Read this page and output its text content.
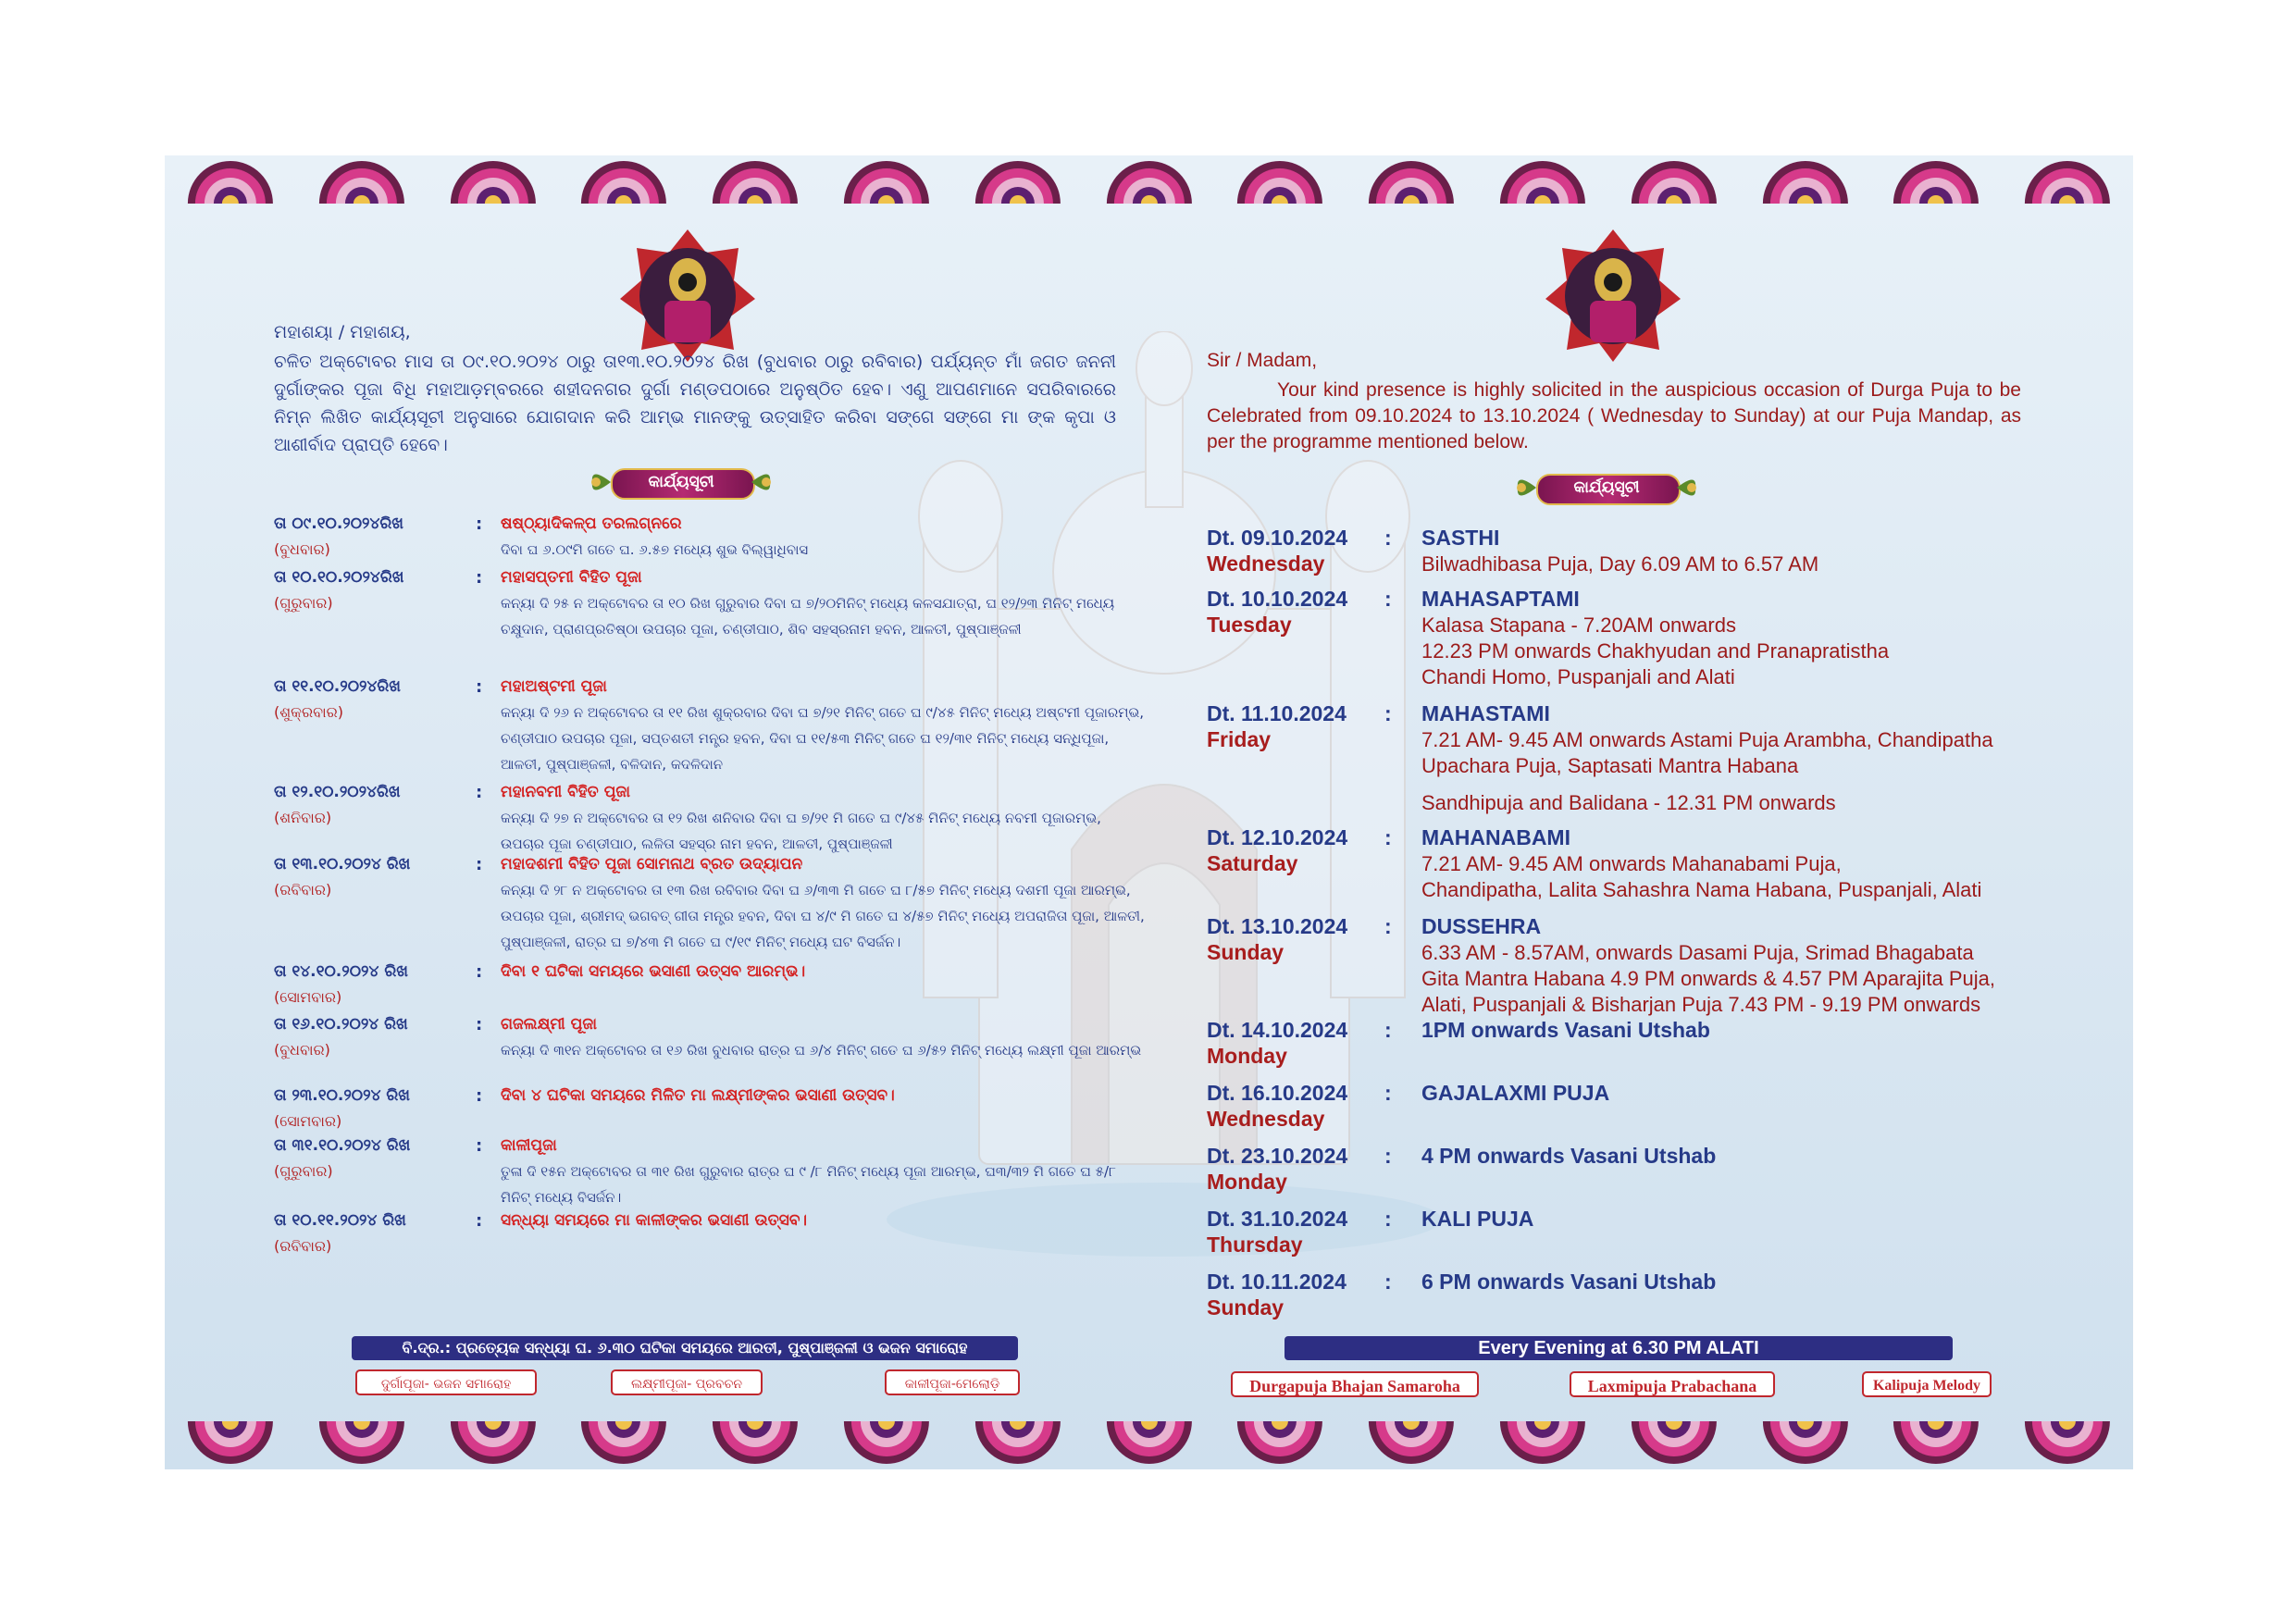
ମହାଶୟା / ମହାଶୟ,
ଚଳିତ ଅକ୍ଟୋବର ମାସ ତା ୦୯.୧୦.୨୦୨୪ ଠାରୁ ତା୧୩.୧୦.୨୦୨୪ ରିଖ (ବୁଧବାର ଠାରୁ ରବିବାର) ପର୍ଯ୍ୟନ୍ତ ମାଁ ଜଗତ ଜନନୀ ଦୁର୍ଗାଙ୍କର ପୂଜା ବିଧି ମହାଆଡ଼ମ୍ବରରେ ଶହୀଦନଗର ଦୁର୍ଗା ମଣ୍ଡପଠାରେ ଅନୁଷ୍ଠିତ ହେବ। ଏଣୁ ଆପଣମାନେ ସପରିବାରରେ ନିମ୍ନ ଲିଖିତ କାର୍ଯ୍ୟସୂଚୀ ଅନୁସାରେ ଯୋଗଦାନ କରି ଆମ୍ଭ ମାନଙ୍କୁ ଉତ୍ସାହିତ କରିବା ସଙ୍ଗେ ସଙ୍ଗେ ମା ଙ୍କ କୃପା ଓ ଆଶୀର୍ବାଦ ପ୍ରାପ୍ତି ହେବେ।
କାର୍ଯ୍ୟସୂଚୀ
ତା ୦୯.୧୦.୨୦୨୪ରିଖ
(ବୁଧବାର)
: ଷଷ୍ଠ୍ୟାଦିକଳ୍ପ ତରଲଗ୍ନରେ
ଦିବା ଘ ୬.୦୯ମି ଗତେ ଘ. ୬.୫୭ ମଧ୍ୟେ ଶୁଭ ବିଲ୍ୱାଧିବାସ
ତା ୧୦.୧୦.୨୦୨୪ରିଖ
(ଗୁରୁବାର)
: ମହାସପ୍ତମୀ ବିହିତ ପୂଜା
କନ୍ୟା ଦି ୨୫ ନ ଅକ୍ଟୋବର ତା ୧୦ ରିଖ ଗୁରୁବାର ଦିବା ଘ ୭/୨୦ମିନିଟ୍ ମଧ୍ୟେ କଳସଯାତ୍ରା, ଘ ୧୨/୨୩ ମିନିଟ୍ ମଧ୍ୟେ ଚକ୍ଷୁଦାନ, ପ୍ରାଣପ୍ରତିଷ୍ଠା ଉପଚାର ପୂଜା, ଚଣ୍ଡୀପାଠ, ଶିବ ସହସ୍ରନାମ ହବନ, ଆଳତୀ, ପୁଷ୍ପାଞ୍ଜଳୀ
ତା ୧୧.୧୦.୨୦୨୪ରିଖ
(ଶୁକ୍ରବାର)
: ମହାଅଷ୍ଟମୀ ପୂଜା
କନ୍ୟା ଦି ୨୬ ନ ଅକ୍ଟୋବର ତା ୧୧ ରିଖ ଶୁକ୍ରବାର ଦିବା ଘ ୭/୨୧ ମିନିଟ୍ ଗତେ ଘ ୯/୪୫ ମିନିଟ୍ ମଧ୍ୟେ ଅଷ୍ଟମୀ ପୂଜାରମ୍ଭ, ଚଣ୍ଡୀପାଠ ଉପଚାର ପୂଜା, ସପ୍ତଶତୀ ମନ୍ତ୍ର ହବନ, ଦିବା ଘ ୧୧/୫୩ ମିନିଟ୍ ଗତେ ଘ ୧୨/୩୧ ମିନିଟ୍ ମଧ୍ୟେ ସନ୍ଧିପୂଜା, ଆଳତୀ, ପୁଷ୍ପାଞ୍ଜଳୀ, ବଳିଦାନ, କଦଳିଦାନ
ତା ୧୨.୧୦.୨୦୨୪ରିଖ
(ଶନିବାର)
: ମହାନବମୀ ବିହିତ ପୂଜା
କନ୍ୟା ଦି ୨୭ ନ ଅକ୍ଟୋବର ତା ୧୨ ରିଖ ଶନିବାର ଦିବା ଘ ୭/୨୧ ମି ଗତେ ଘ ୯/୪୫ ମିନିଟ୍ ମଧ୍ୟେ ନବମୀ ପୂଜାରମ୍ଭ, ଉପଚାର ପୂଜା ଚଣ୍ଡୀପାଠ, ଲଳିତା ସହସ୍ର ନାମ ହବନ, ଆଳତୀ, ପୁଷ୍ପାଞ୍ଜଳୀ
ତା ୧୩.୧୦.୨୦୨୪ ରିଖ
(ରବିବାର)
: ମହାଦଶମୀ ବିହିତ ପୂଜା ସୋମନାଥ ବ୍ରତ ଉଦ୍ୟାପନ
କନ୍ୟା ଦି ୨୮ ନ ଅକ୍ଟୋବର ତା ୧୩ ରିଖ ରବିବାର ଦିବା ଘ ୬/୩୩ ମି ଗତେ ଘ ୮/୫୭ ମିନିଟ୍ ମଧ୍ୟେ ଦଶମୀ ପୂଜା ଆରମ୍ଭ, ଉପଚାର ପୂଜା, ଶ୍ରୀମଦ୍ ଭଗବତ୍ ଗୀତା ମନ୍ତ୍ର ହବନ, ଦିବା ଘ ୪/୯ ମି ଗତେ ଘ ୪/୫୭ ମିନିଟ୍ ମଧ୍ୟେ ଅପରାଜିତା ପୂଜା, ଆଳତୀ, ପୁଷ୍ପାଞ୍ଜଳୀ, ରାତ୍ର ଘ ୭/୪୩ ମି ଗତେ ଘ ୯/୧୯ ମିନିଟ୍ ମଧ୍ୟେ ଘଟ ବିସର୍ଜନ।
ତା ୧୪.୧୦.୨୦୨୪ ରିଖ
(ସୋମବାର)
: ଦିବା ୧ ଘଟିକା ସମୟରେ ଭସାଣୀ ଉତ୍ସବ ଆରମ୍ଭ।
ତା ୧୬.୧୦.୨୦୨୪ ରିଖ
(ବୁଧବାର)
: ଗଜଲକ୍ଷ୍ମୀ ପୂଜା
କନ୍ୟା ଦି ୩୧ନ ଅକ୍ଟୋବର ତା ୧୬ ରିଖ ବୁଧବାର ରାତ୍ର ଘ ୬/୪ ମିନିଟ୍ ଗତେ ଘ ୬/୫୨ ମିନିଟ୍ ମଧ୍ୟେ ଲକ୍ଷ୍ମୀ ପୂଜା ଆରମ୍ଭ
ତା ୨୩.୧୦.୨୦୨୪ ରିଖ
(ସୋମବାର)
: ଦିବା ୪ ଘଟିକା ସମୟରେ ମିଳିତ ମା ଲକ୍ଷ୍ମୀଙ୍କର ଭସାଣୀ ଉତ୍ସବ।
ତା ୩୧.୧୦.୨୦୨୪ ରିଖ
(ଗୁରୁବାର)
: କାଳୀପୂଜା
ତୁଳା ଦି ୧୫ନ ଅକ୍ଟୋବର ତା ୩୧ ରିଖ ଗୁରୁବାର ରାତ୍ର ଘ ୯ /୮ ମିନିଟ୍ ମଧ୍ୟେ ପୂଜା ଆରମ୍ଭ, ଘ୩/୩୨ ମି ଗତେ ଘ ୫/୮ ମିନିଟ୍ ମଧ୍ୟେ ବିସର୍ଜନ।
ତା ୧୦.୧୧.୨୦୨୪ ରିଖ
(ରବିବାର)
: ସନ୍ଧ୍ୟା ସମୟରେ ମା କାଳୀଙ୍କର ଭସାଣୀ ଉତ୍ସବ।
Sir / Madam,
Your kind presence is highly solicited in the auspicious occasion of Durga Puja to be Celebrated from 09.10.2024 to 13.10.2024 ( Wednesday to Sunday) at our Puja Mandap, as per the programme mentioned below.
କାର୍ଯ୍ୟସୂଚୀ
Dt. 09.10.2024
Wednesday
: SASTHI
Bilwadhibasa Puja, Day 6.09 AM to 6.57 AM
Dt. 10.10.2024
Tuesday
: MAHASAPTAMI
Kalasa Stapana - 7.20AM onwards
12.23 PM onwards Chakhyudan and Pranapratistha
Chandi Homo, Puspanjali and Alati
Dt. 11.10.2024
Friday
: MAHASTAMI
7.21 AM- 9.45 AM onwards Astami Puja Arambha, Chandipatha
Upachara Puja, Saptasati Mantra Habana
Sandhipuja and Balidana - 12.31 PM onwards
Dt. 12.10.2024
Saturday
: MAHANABAMI
7.21 AM- 9.45 AM onwards Mahanabami Puja,
Chandipatha, Lalita Sahashra Nama Habana, Puspanjali, Alati
Dt. 13.10.2024
Sunday
: DUSSEHRA
6.33 AM - 8.57AM, onwards Dasami Puja, Srimad Bhagabata
Gita Mantra Habana 4.9 PM onwards & 4.57 PM Aparajita Puja,
Alati, Puspanjali & Bisharjan Puja 7.43 PM - 9.19 PM onwards
Dt. 14.10.2024
Monday
: 1PM onwards Vasani Utshab
Dt. 16.10.2024
Wednesday
: GAJALAXMI PUJA
Dt. 23.10.2024
Monday
: 4 PM onwards Vasani Utshab
Dt. 31.10.2024
Thursday
: KALI PUJA
Dt. 10.11.2024
Sunday
: 6 PM onwards Vasani Utshab
ବି.ଦ୍ର.: ପ୍ରତ୍ୟେକ ସନ୍ଧ୍ୟା ଘ. ୬.୩୦ ଘଟିକା ସମୟରେ ଆରତୀ, ପୁଷ୍ପାଞ୍ଜଳୀ ଓ ଭଜନ ସମାରୋହ
ଦୁର୍ଗାପୂଜା- ଭଜନ ସମାରୋହ	ଲକ୍ଷ୍ମୀପୂଜା- ପ୍ରବଚନ	କାଳୀପୂଜା-ମେଲୋଡ଼ି
Every Evening at 6.30 PM ALATI
Durgapuja Bhajan Samaroha	Laxmipuja Prabachana	Kalipuja Melody
